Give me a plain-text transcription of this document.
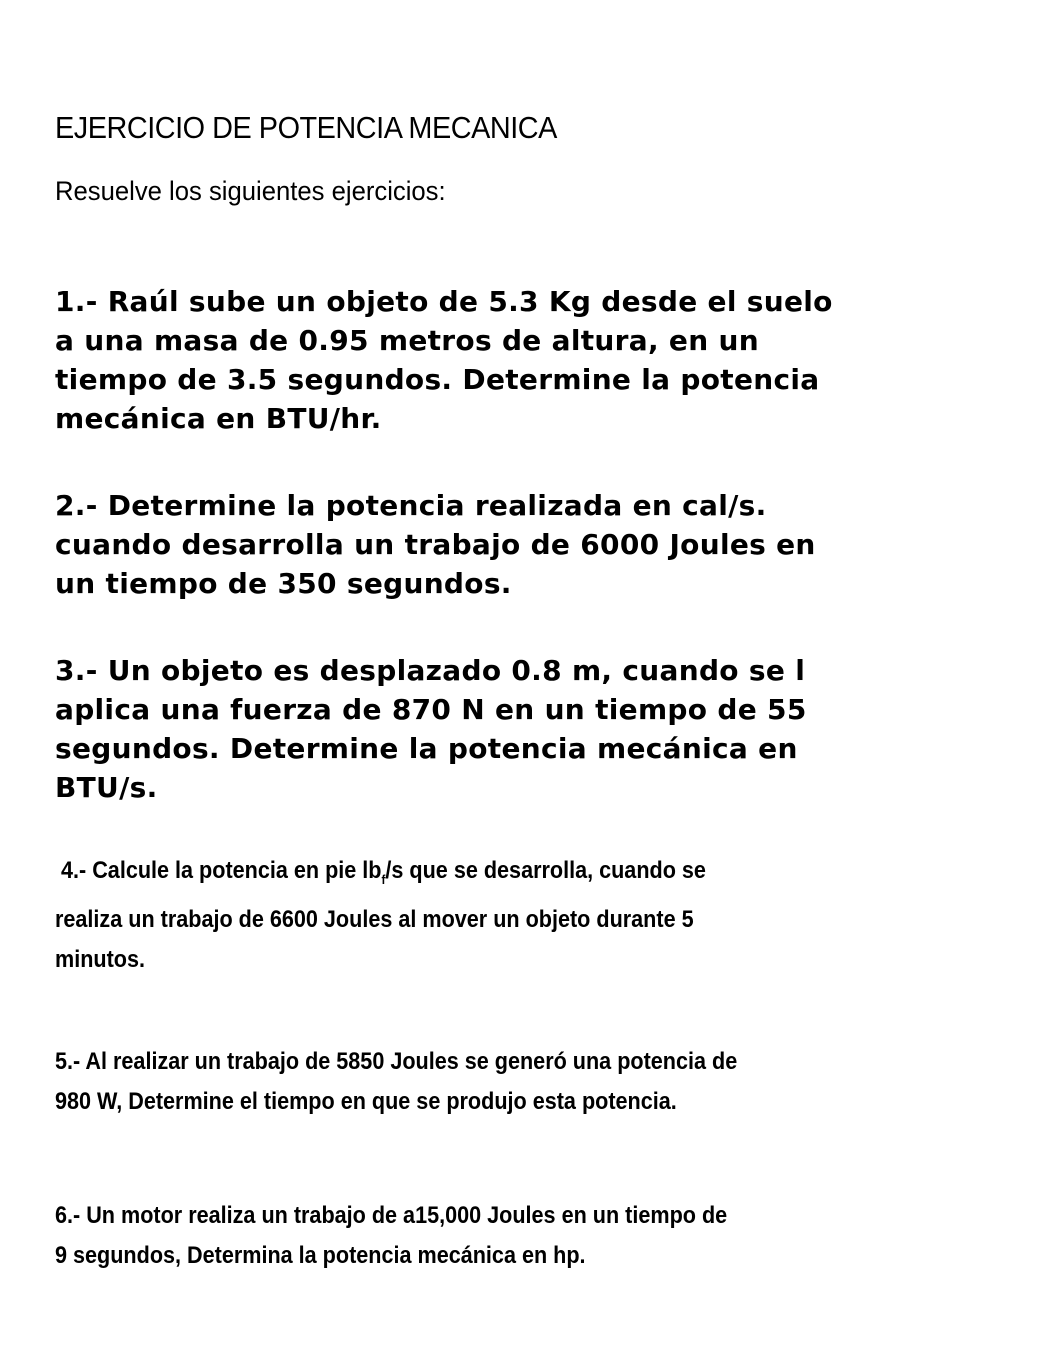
EJERCICIO DE POTENCIA MECANICA
Resuelve los siguientes ejercicios:
1.- Raúl sube un objeto de 5.3 Kg desde el suelo
a una masa de 0.95 metros de altura, en un
tiempo de 3.5 segundos. Determine la potencia
mecánica en BTU/hr.
2.- Determine la potencia realizada en cal/s.
cuando desarrolla un trabajo de 6000 Joules en
un tiempo de 350 segundos.
3.- Un objeto es desplazado 0.8 m, cuando se l
aplica una fuerza de 870 N en un tiempo de 55
segundos. Determine la potencia mecánica en
BTU/s.
4.- Calcule la potencia en pie $lb_f/s$ que se desarrolla, cuando se
realiza un trabajo de 6600 Joules al mover un objeto durante 5
minutos.
5.- Al realizar un trabajo de 5850 Joules se generó una potencia de
980 W, Determine el tiempo en que se produjo esta potencia.
6.- Un motor realiza un trabajo de a15,000 Joules en un tiempo de
9 segundos, Determina la potencia mecánica en hp.
